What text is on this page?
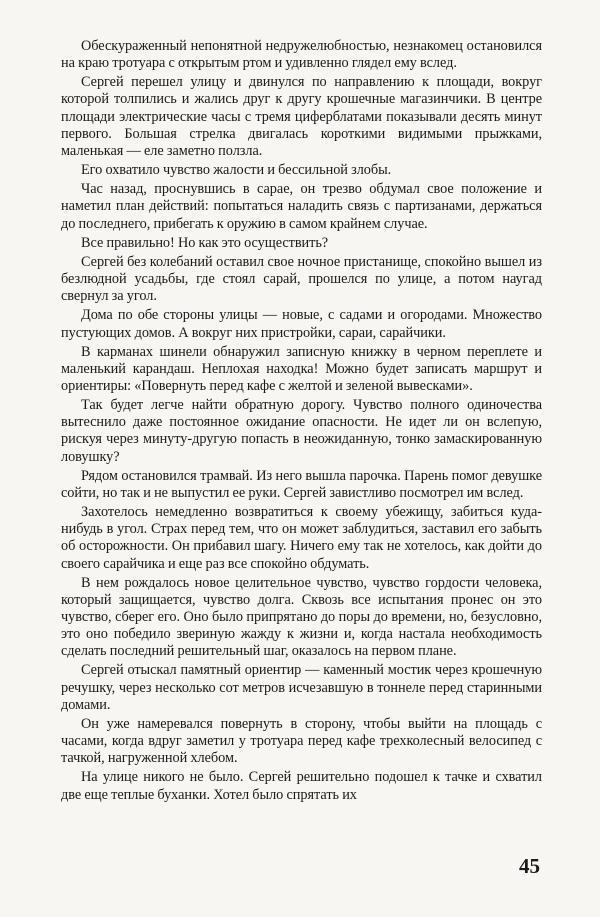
Обескураженный непонятной недружелюбностью, незнакомец остановился на краю тротуара с открытым ртом и удивленно глядел ему вслед.

Сергей перешел улицу и двинулся по направлению к площади, вокруг которой толпились и жались друг к другу крошечные магазинчики. В центре площади электрические часы с тремя циферблатами показывали десять минут первого. Большая стрелка двигалась короткими видимыми прыжками, маленькая — еле заметно ползла.

Его охватило чувство жалости и бессильной злобы.

Час назад, проснувшись в сарае, он трезво обдумал свое положение и наметил план действий: попытаться наладить связь с партизанами, держаться до последнего, прибегать к оружию в самом крайнем случае.

Все правильно! Но как это осуществить?

Сергей без колебаний оставил свое ночное пристанище, спокойно вышел из безлюдной усадьбы, где стоял сарай, прошелся по улице, а потом наугад свернул за угол.

Дома по обе стороны улицы — новые, с садами и огородами. Множество пустующих домов. А вокруг них пристройки, сараи, сарайчики.

В карманах шинели обнаружил записную книжку в черном переплете и маленький карандаш. Неплохая находка! Можно будет записать маршрут и ориентиры: «Повернуть перед кафе с желтой и зеленой вывесками».

Так будет легче найти обратную дорогу. Чувство полного одиночества вытеснило даже постоянное ожидание опасности. Не идет ли он вслепую, рискуя через минуту-другую попасть в неожиданную, тонко замаскированную ловушку?

Рядом остановился трамвай. Из него вышла парочка. Парень помог девушке сойти, но так и не выпустил ее руки. Сергей завистливо посмотрел им вслед.

Захотелось немедленно возвратиться к своему убежищу, забиться куда-нибудь в угол. Страх перед тем, что он может заблудиться, заставил его забыть об осторожности. Он прибавил шагу. Ничего ему так не хотелось, как дойти до своего сарайчика и еще раз все спокойно обдумать.

В нем рождалось новое целительное чувство, чувство гордости человека, который защищается, чувство долга. Сквозь все испытания пронес он это чувство, сберег его. Оно было припрятано до поры до времени, но, безусловно, это оно победило звериную жажду к жизни и, когда настала необходимость сделать последний решительный шаг, оказалось на первом плане.

Сергей отыскал памятный ориентир — каменный мостик через крошечную речушку, через несколько сот метров исчезавшую в тоннеле перед старинными домами.

Он уже намеревался повернуть в сторону, чтобы выйти на площадь с часами, когда вдруг заметил у тротуара перед кафе трехколесный велосипед с тачкой, нагруженной хлебом.

На улице никого не было. Сергей решительно подошел к тачке и схватил две еще теплые буханки. Хотел было спрятать их

45
